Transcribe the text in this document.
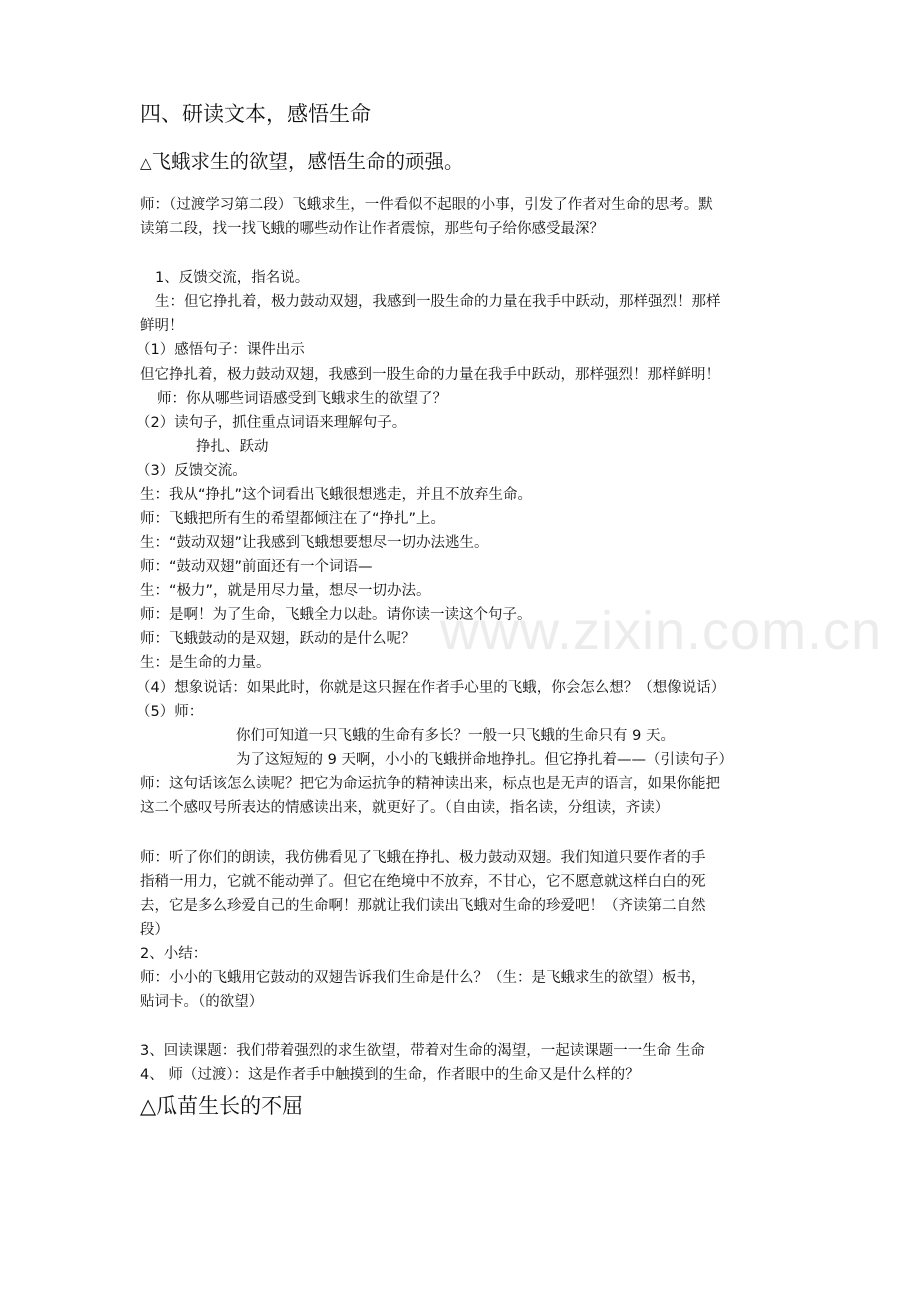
四、研读文本，感悟生命
△飞蛾求生的欲望，感悟生命的顽强。
师：（过渡学习第二段）飞蛾求生，一件看似不起眼的小事，引发了作者对生命的思考。默
读第二段，找一找飞蛾的哪些动作让作者震惊，那些句子给你感受最深？
1、反馈交流，指名说。
生：但它挣扎着，极力鼓动双翅，我感到一股生命的力量在我手中跃动，那样强烈！那样
鲜明！
（1）感悟句子：课件出示
但它挣扎着，极力鼓动双翅，我感到一股生命的力量在我手中跃动，那样强烈！那样鲜明！
师：你从哪些词语感受到飞蛾求生的欲望了？
（2）读句子，抓住重点词语来理解句子。
挣扎、跃动
（3）反馈交流。
生：我从“挣扎”这个词看出飞蛾很想逃走，并且不放弃生命。
师：飞蛾把所有生的希望都倾注在了“挣扎”上。
生：“鼓动双翅”让我感到飞蛾想要想尽一切办法逃生。
师：“鼓动双翅”前面还有一个词语—
生：“极力”，就是用尽力量，想尽一切办法。
师：是啊！为了生命，飞蛾全力以赴。请你读一读这个句子。
师：飞蛾鼓动的是双翅，跃动的是什么呢？
生：是生命的力量。
（4）想象说话：如果此时，你就是这只握在作者手心里的飞蛾，你会怎么想？（想像说话）
（5）师：
你们可知道一只飞蛾的生命有多长？一般一只飞蛾的生命只有 9 天。
为了这短短的 9 天啊，小小的飞蛾拼命地挣扎。但它挣扎着——（引读句子）
师：这句话该怎么读呢？把它为命运抗争的精神读出来，标点也是无声的语言，如果你能把
这二个感叹号所表达的情感读出来，就更好了。（自由读，指名读，分组读，齐读）
师：听了你们的朗读，我仿佛看见了飞蛾在挣扎、极力鼓动双翅。我们知道只要作者的手
指稍一用力，它就不能动弹了。但它在绝境中不放弃，不甘心，它不愿意就这样白白的死
去，它是多么珍爱自己的生命啊！那就让我们读出飞蛾对生命的珍爱吧！（齐读第二自然
段）
2、小结：
师：小小的飞蛾用它鼓动的双翅告诉我们生命是什么？（生：是飞蛾求生的欲望）板书，
贴词卡。（的欲望）
3、回读课题：我们带着强烈的求生欲望，带着对生命的渴望，一起读课题一一生命 生命
4、 师（过渡）：这是作者手中触摸到的生命，作者眼中的生命又是什么样的？
△瓜苗生长的不屈
www.zixin.com.cn
